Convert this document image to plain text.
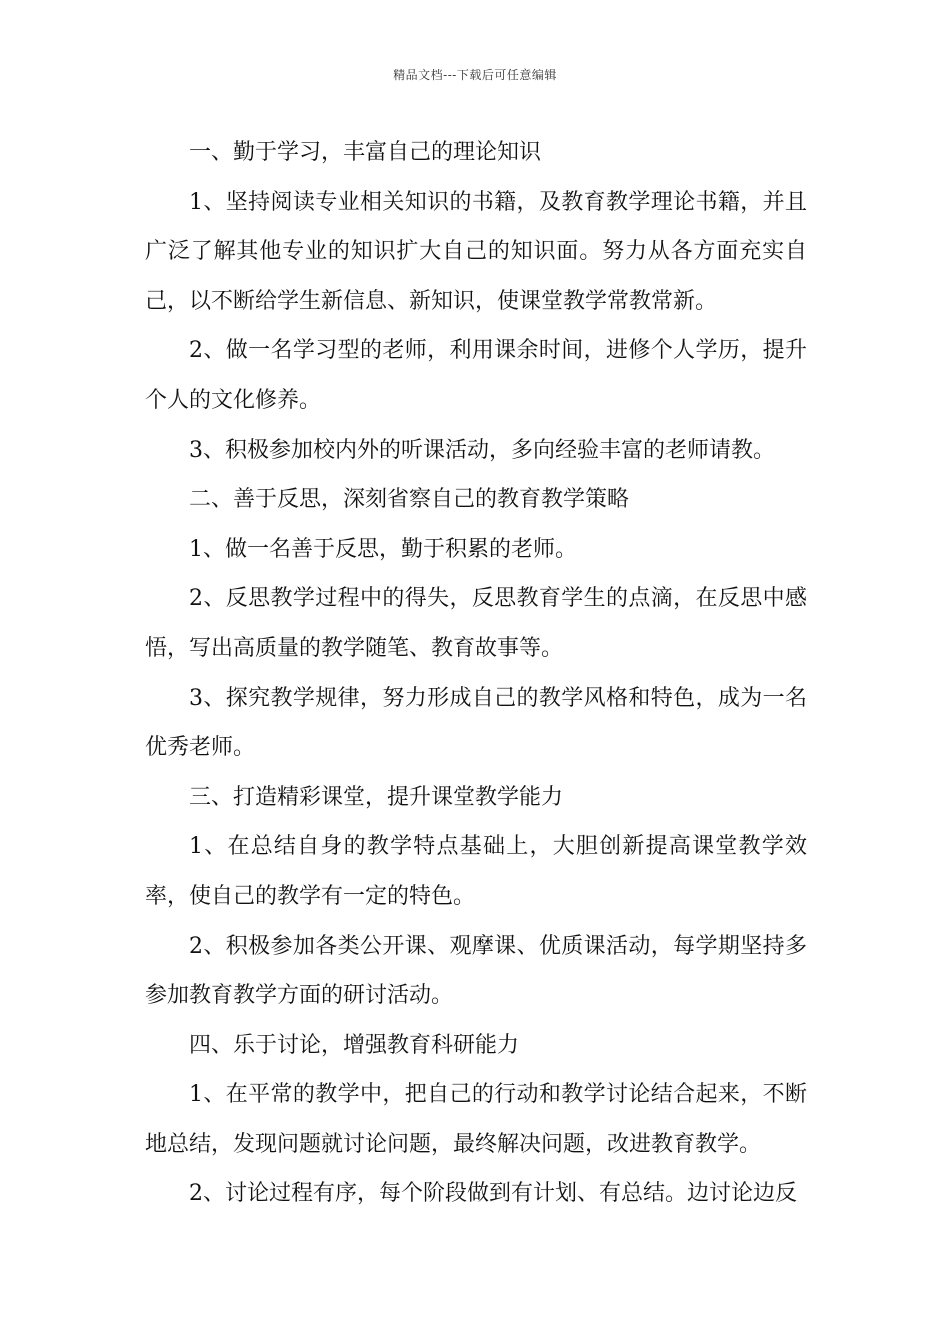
精品文档---下载后可任意编辑

一、勤于学习，丰富自己的理论知识

1、坚持阅读专业相关知识的书籍，及教育教学理论书籍，并且广泛了解其他专业的知识扩大自己的知识面。努力从各方面充实自己，以不断给学生新信息、新知识，使课堂教学常教常新。

2、做一名学习型的老师，利用课余时间，进修个人学历，提升个人的文化修养。

3、积极参加校内外的听课活动，多向经验丰富的老师请教。

二、善于反思，深刻省察自己的教育教学策略

1、做一名善于反思，勤于积累的老师。

2、反思教学过程中的得失，反思教育学生的点滴，在反思中感悟，写出高质量的教学随笔、教育故事等。

3、探究教学规律，努力形成自己的教学风格和特色，成为一名优秀老师。

三、打造精彩课堂，提升课堂教学能力

1、在总结自身的教学特点基础上，大胆创新提高课堂教学效率，使自己的教学有一定的特色。

2、积极参加各类公开课、观摩课、优质课活动，每学期坚持多参加教育教学方面的研讨活动。

四、乐于讨论，增强教育科研能力

1、在平常的教学中，把自己的行动和教学讨论结合起来，不断地总结，发现问题就讨论问题，最终解决问题，改进教育教学。

2、讨论过程有序，每个阶段做到有计划、有总结。边讨论边反
